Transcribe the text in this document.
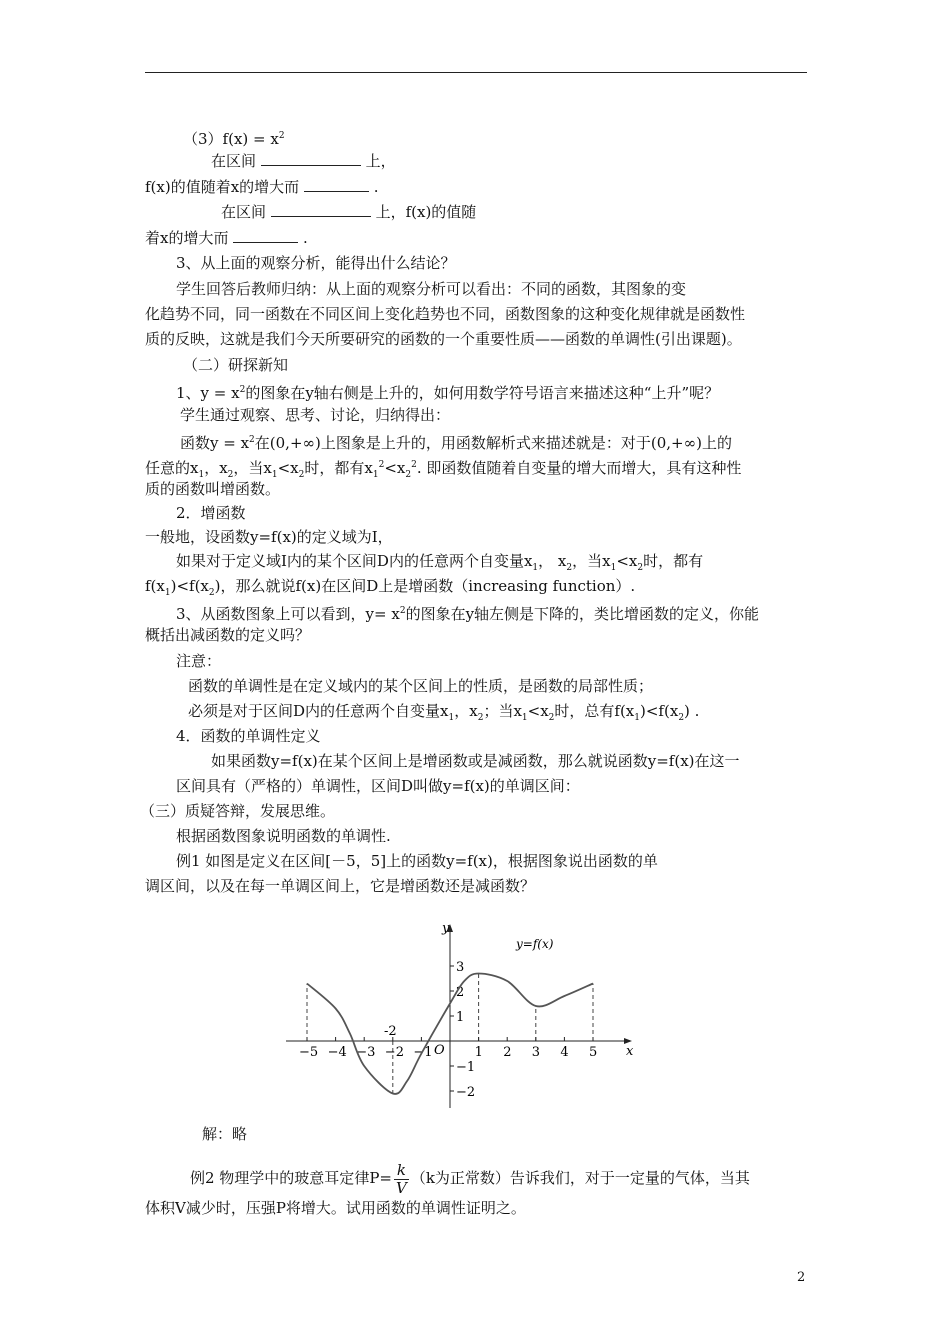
$(3)f(x) = x^2$
在区间	上，
f(x)的值随着x的增大而	.
在区间	上，f(x)的值随
着x的增大而	.
3、从上面的观察分析，能得出什么结论？
学生回答后教师归纳：从上面的观察分析可以看出：不同的函数，其图象的变
化趋势不同，同一函数在不同区间上变化趋势也不同，函数图象的这种变化规律就是函数性
质的反映，这就是我们今天所要研究的函数的一个重要性质——函数的单调性(引出课题)。
（二）研探新知
1、$y = x^2$的图象在y轴右侧是上升的，如何用数学符号语言来描述这种“上升”呢？
学生通过观察、思考、讨论，归纳得出：
函数$y = x^2$在(0,+∞)上图象是上升的，用函数解析式来描述就是：对于(0,+∞)上的
任意的$x_1$，$x_2$，当$x_1<x_2$时，都有$x_1^2<x_2^2$. 即函数值随着自变量的增大而增大，具有这种性
质的函数叫增函数。
2．增函数
一般地，设函数y=f(x)的定义域为I，
如果对于定义域I内的某个区间D内的任意两个自变量$x_1$， $x_2$，当$x_1<x_2$时，都有
$f(x_1)<f(x_2)$，那么就说f(x)在区间D上是增函数（increasing function）.
3、从函数图象上可以看到，$y= x^2$的图象在y轴左侧是下降的，类比增函数的定义，你能
概括出减函数的定义吗？
注意：
函数的单调性是在定义域内的某个区间上的性质，是函数的局部性质；
必须是对于区间D内的任意两个自变量$x_1$，$x_2$；当$x_1<x_2$时，总有$f(x_1)<f(x_2)$ .
4．函数的单调性定义
如果函数y=f(x)在某个区间上是增函数或是减函数，那么就说函数y=f(x)在这一
区间具有（严格的）单调性，区间D叫做y=f(x)的单调区间：
（三）质疑答辩，发展思维。
根据函数图象说明函数的单调性.
例1 如图是定义在区间[－5，5]上的函数y=f(x)，根据图象说出函数的单
调区间，以及在每一单调区间上，它是增函数还是减函数？
y
x
O
y=f(x)
-2
−5 −4 −3 −2 −1	1 2 3 4 5
3
2
1
−1
−2
解：略
例2 物理学中的玻意耳定律$P= \frac{k}{V} (k$为正常数）告诉我们，对于一定量的气体，当其
体积V减少时，压强P将增大。试用函数的单调性证明之。
2
